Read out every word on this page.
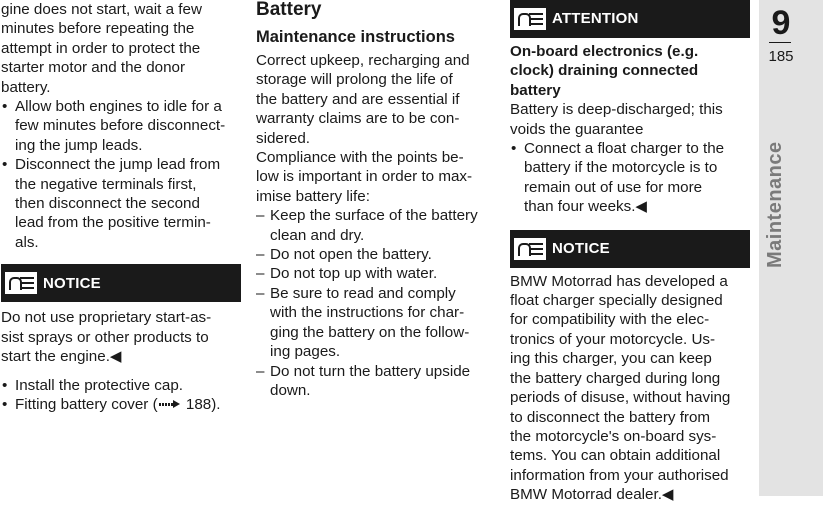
gine does not start, wait a few
minutes before repeating the
attempt in order to protect the
starter motor and the donor
battery.
• Allow both engines to idle for a
few minutes before disconnect-
ing the jump leads.
• Disconnect the jump lead from
the negative terminals first,
then disconnect the second
lead from the positive termin-
als.
NOTICE
Do not use proprietary start-as-
sist sprays or other products to
start the engine.◀
• Install the protective cap.
• Fitting battery cover ( 188).
Battery
Maintenance instructions
Correct upkeep, recharging and
storage will prolong the life of
the battery and are essential if
warranty claims are to be con-
sidered.
Compliance with the points be-
low is important in order to max-
imise battery life:
– Keep the surface of the battery
clean and dry.
– Do not open the battery.
– Do not top up with water.
– Be sure to read and comply
with the instructions for char-
ging the battery on the follow-
ing pages.
– Do not turn the battery upside
down.
ATTENTION
On-board electronics (e.g.
clock) draining connected
battery
Battery is deep-discharged; this
voids the guarantee
• Connect a float charger to the
battery if the motorcycle is to
remain out of use for more
than four weeks.◀
NOTICE
BMW Motorrad has developed a
float charger specially designed
for compatibility with the elec-
tronics of your motorcycle. Us-
ing this charger, you can keep
the battery charged during long
periods of disuse, without having
to disconnect the battery from
the motorcycle's on-board sys-
tems. You can obtain additional
information from your authorised
BMW Motorrad dealer.◀
9
185
Maintenance
